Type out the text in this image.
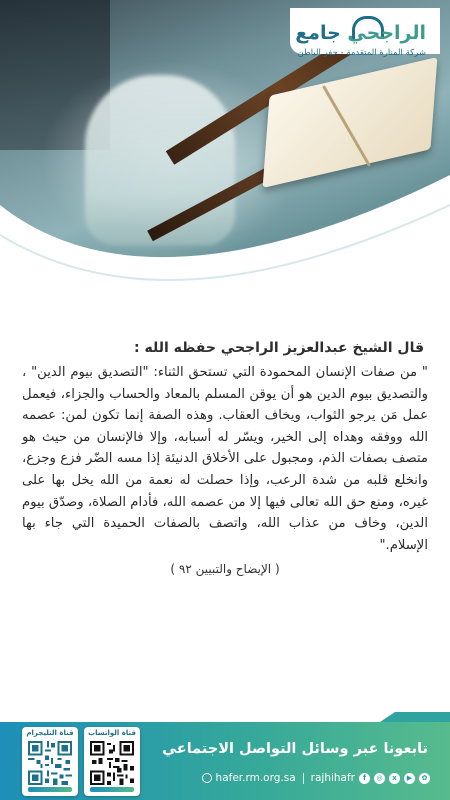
الراجحي جامع
شركة المنارة المتقدمة - حفر الباطن

قال الشيخ عبدالعزيز الراجحي حفظه الله :

" من صفات الإنسان المحمودة التي تستحق الثناء: "التصديق بيوم الدين" ، والتصديق بيوم الدين هو أن يوقن المسلم بالمعاد والحساب والجزاء، فيعمل عمل مَن يرجو الثواب، ويخاف العقاب. وهذه الصفة إنما تكون لمن: عصمه الله ووفقه وهداه إلى الخير، ويسّر له أسبابه، وإلا فالإنسان من حيث هو متصف بصفات الذم، ومجبول على الأخلاق الدنيئة إذا مسه الضّر فزع وجزع، وانخلع قلبه من شدة الرعب، وإذا حصلت له نعمة من الله يخل بها على غيره، ومنع حق الله تعالى فيها إلا من عصمه الله، فأدام الصلاة، وصدّق بيوم الدين، وخاف من عذاب الله، واتصف بالصفات الحميدة التي جاء بها الإسلام."

( الإيضاح والتبيين ٩٢ )
تابعونا عبر وسائل التواصل الاجتماعي
hafer.rm.org.sa rajhihafr	f	◎	x	▶	✿
قناة الواتساب
قناة التليجرام
